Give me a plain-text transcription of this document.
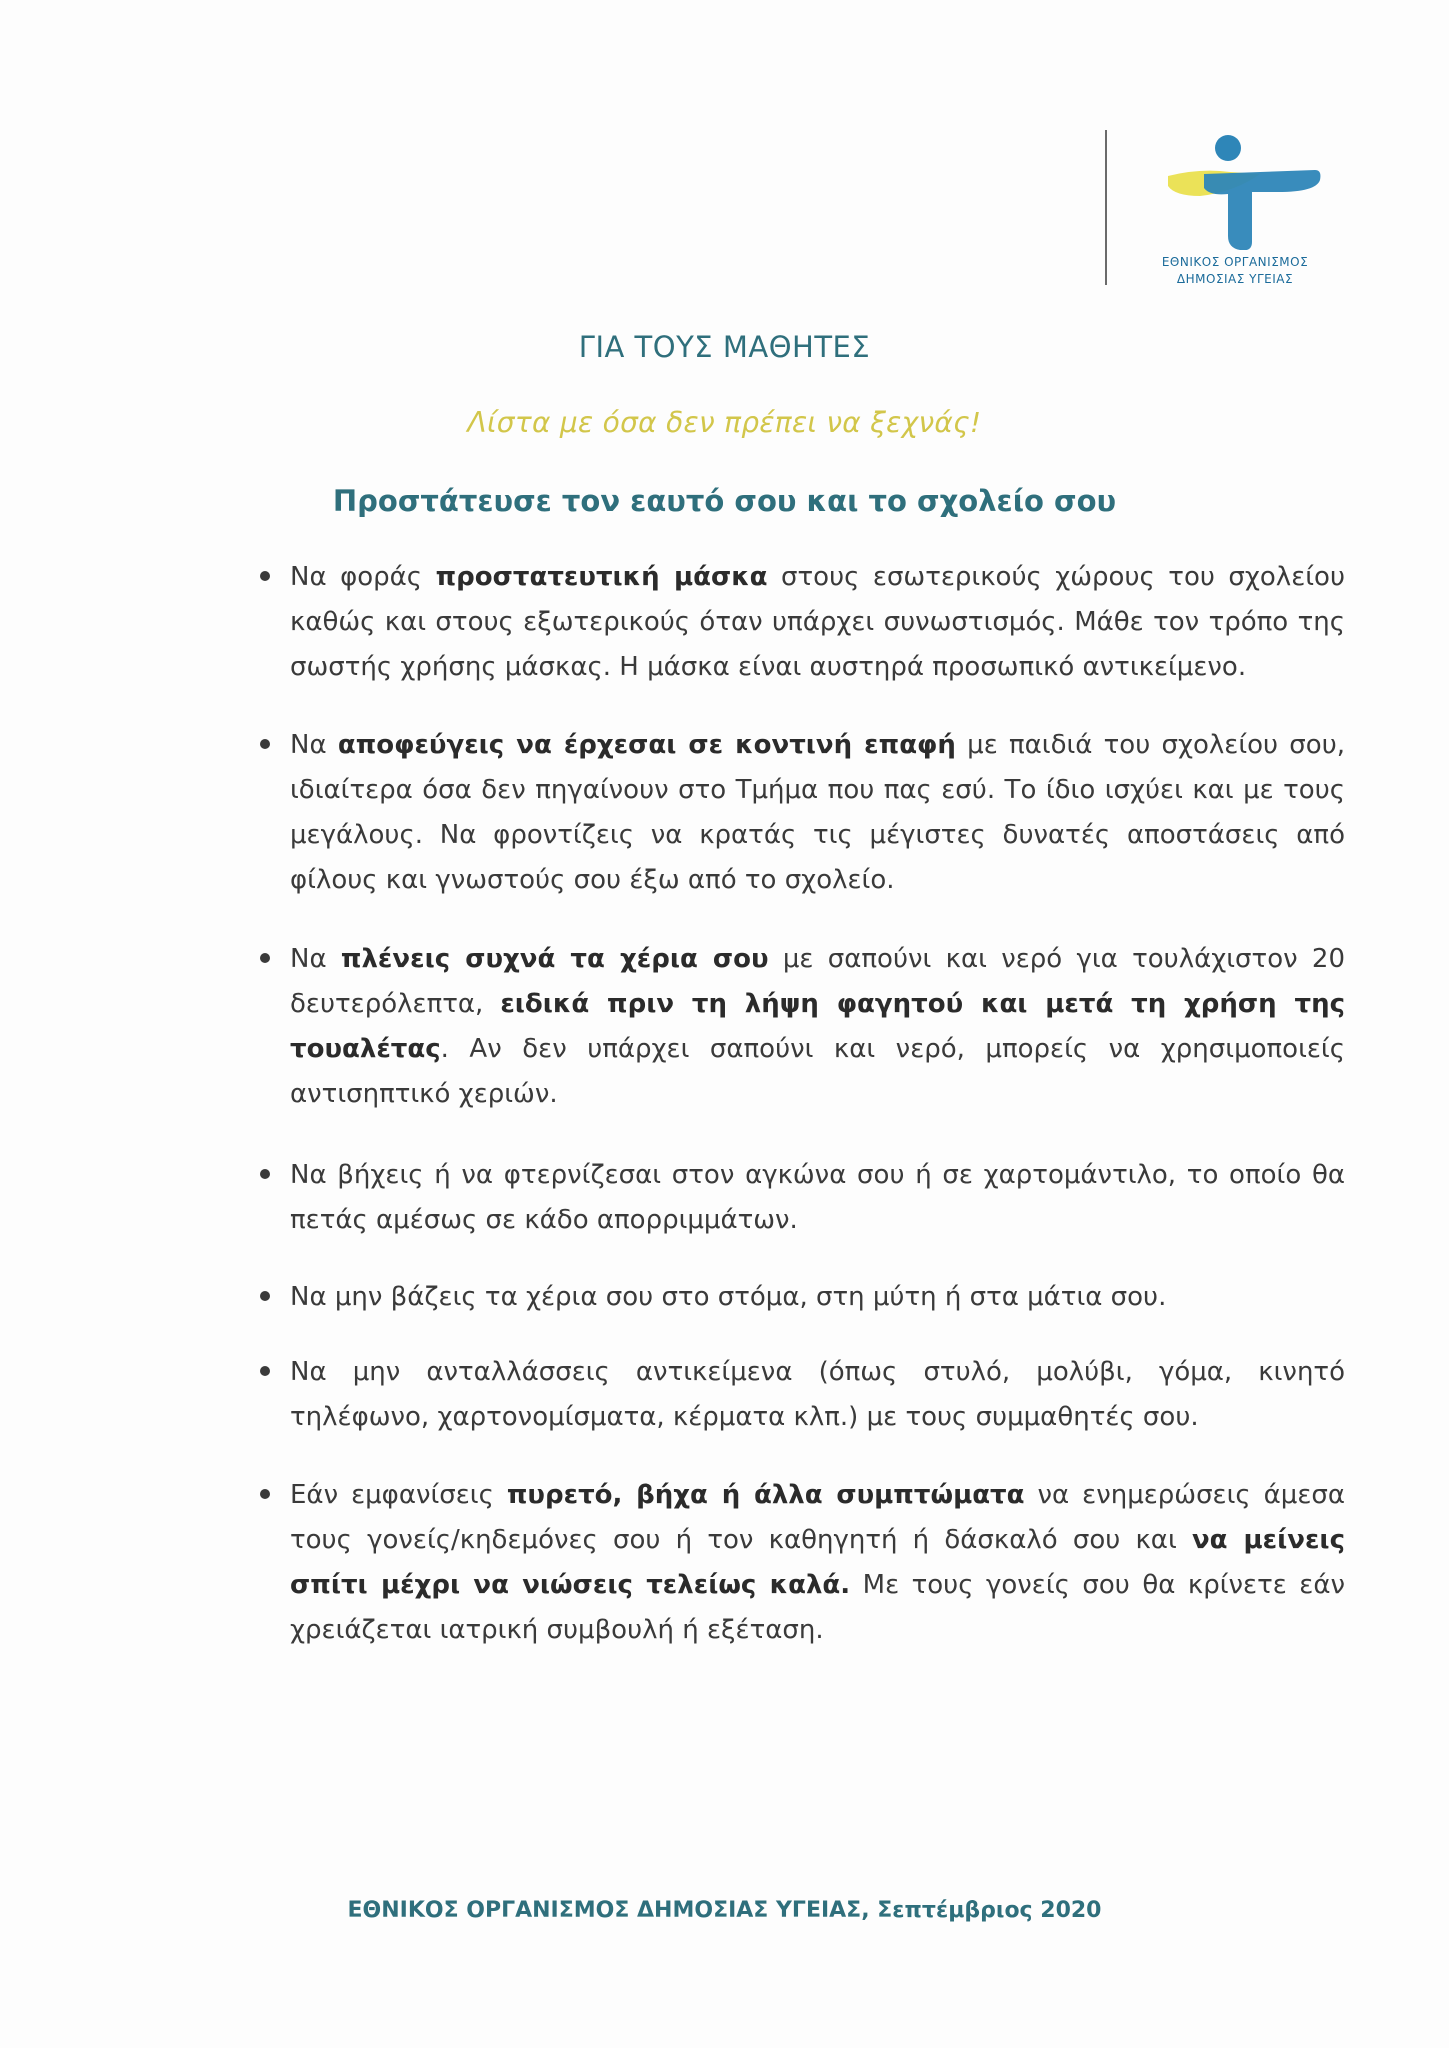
ΕΘΝΙΚΟΣ ΟΡΓΑΝΙΣΜΟΣ
ΔΗΜΟΣΙΑΣ ΥΓΕΙΑΣ
ΓΙΑ ΤΟΥΣ ΜΑΘΗΤΕΣ
Λίστα με όσα δεν πρέπει να ξεχνάς!
Προστάτευσε τον εαυτό σου και το σχολείο σου

Να φοράς προστατευτική μάσκα στους εσωτερικούς χώρους του σχολείου καθώς και στους εξωτερικούς όταν υπάρχει συνωστισμός. Μάθε τον τρόπο της σωστής χρήσης μάσκας. Η μάσκα είναι αυστηρά προσωπικό αντικείμενο.

Να αποφεύγεις να έρχεσαι σε κοντινή επαφή με παιδιά του σχολείου σου, ιδιαίτερα όσα δεν πηγαίνουν στο Τμήμα που πας εσύ. Το ίδιο ισχύει και με τους μεγάλους. Να φροντίζεις να κρατάς τις μέγιστες δυνατές αποστάσεις από φίλους και γνωστούς σου έξω από το σχολείο.

Να πλένεις συχνά τα χέρια σου με σαπούνι και νερό για τουλάχιστον 20 δευτερόλεπτα, ειδικά πριν τη λήψη φαγητού και μετά τη χρήση της τουαλέτας. Αν δεν υπάρχει σαπούνι και νερό, μπορείς να χρησιμοποιείς αντισηπτικό χεριών.

Να βήχεις ή να φτερνίζεσαι στον αγκώνα σου ή σε χαρτομάντιλο, το οποίο θα πετάς αμέσως σε κάδο απορριμμάτων.

Να μην βάζεις τα χέρια σου στο στόμα, στη μύτη ή στα μάτια σου.

Να μην ανταλλάσσεις αντικείμενα (όπως στυλό, μολύβι, γόμα, κινητό τηλέφωνο, χαρτονομίσματα, κέρματα κλπ.) με τους συμμαθητές σου.

Εάν εμφανίσεις πυρετό, βήχα ή άλλα συμπτώματα να ενημερώσεις άμεσα τους γονείς/κηδεμόνες σου ή τον καθηγητή ή δάσκαλό σου και να μείνεις σπίτι μέχρι να νιώσεις τελείως καλά. Με τους γονείς σου θα κρίνετε εάν χρειάζεται ιατρική συμβουλή ή εξέταση.

ΕΘΝΙΚΟΣ ΟΡΓΑΝΙΣΜΟΣ ΔΗΜΟΣΙΑΣ ΥΓΕΙΑΣ, Σεπτέμβριος 2020
